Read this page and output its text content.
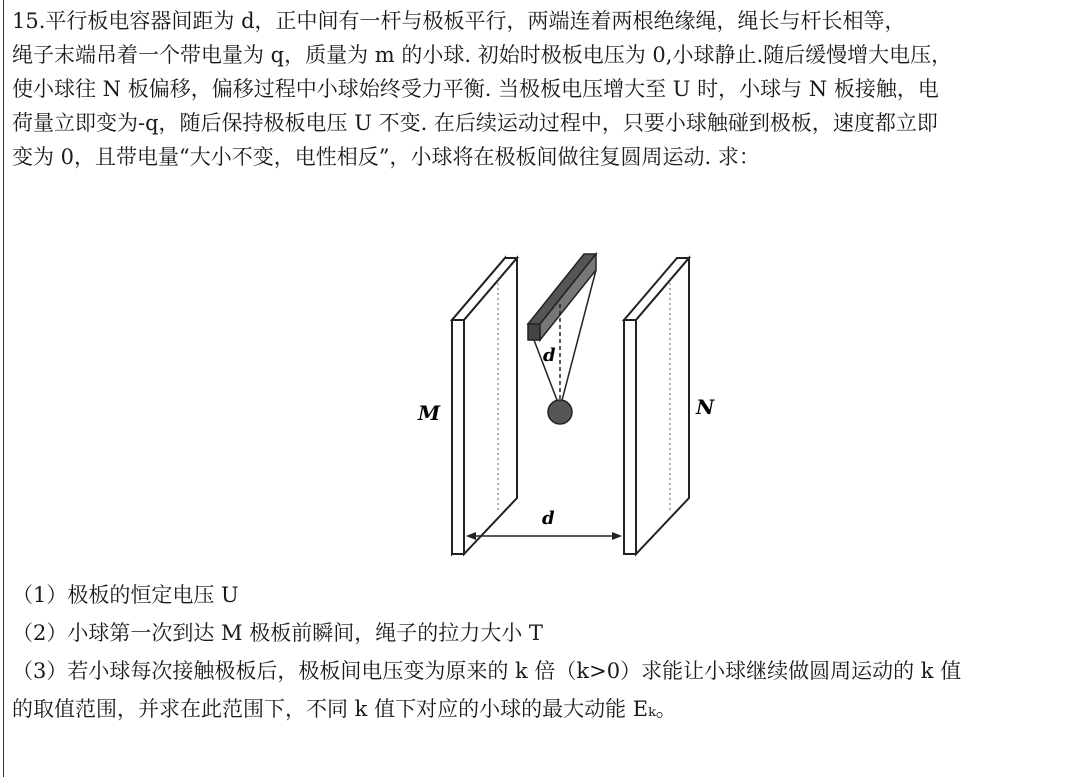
15.平行板电容器间距为 d，正中间有一杆与极板平行，两端连着两根绝缘绳，绳长与杆长相等，
绳子末端吊着一个带电量为 q，质量为 m 的小球. 初始时极板电压为 0,小球静止.随后缓慢增大电压，
使小球往 N 板偏移，偏移过程中小球始终受力平衡. 当极板电压增大至 U 时，小球与 N 板接触，电
荷量立即变为-q，随后保持极板电压 U 不变. 在后续运动过程中，只要小球触碰到极板，速度都立即
变为 0，且带电量“大小不变，电性相反”，小球将在极板间做往复圆周运动. 求：
M	N
d
d
（1）极板的恒定电压 U
（2）小球第一次到达 M 极板前瞬间，绳子的拉力大小 T
（3）若小球每次接触极板后，极板间电压变为原来的 k 倍（k>0）求能让小球继续做圆周运动的 k 值
的取值范围，并求在此范围下，不同 k 值下对应的小球的最大动能 Eₖ。
